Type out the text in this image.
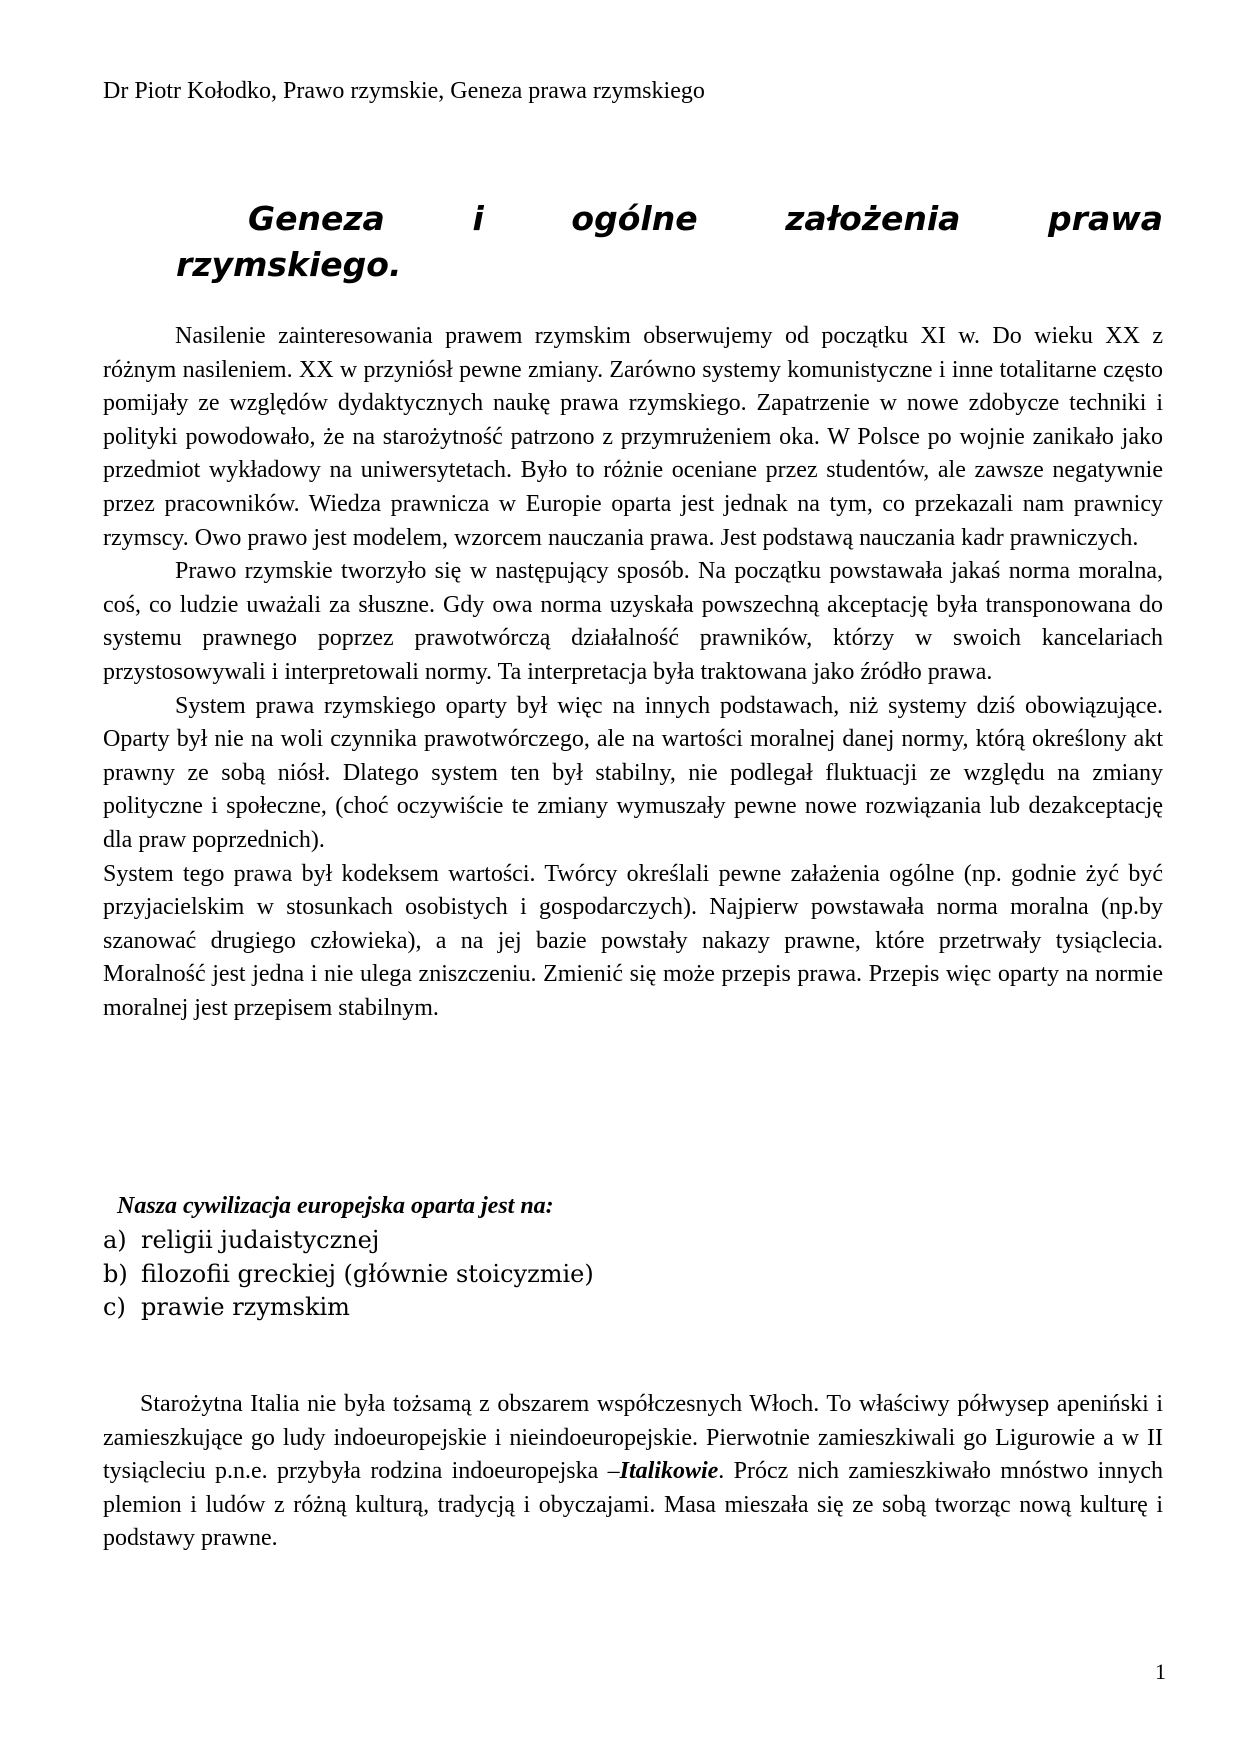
Dr Piotr Kołodko, Prawo rzymskie, Geneza prawa rzymskiego

Geneza	i	ogólne	założenia	prawa
rzymskiego.

Nasilenie zainteresowania prawem rzymskim obserwujemy od początku XI w. Do wieku XX z różnym nasileniem. XX w przyniósł pewne zmiany. Zarówno systemy komunistyczne i inne totalitarne często pomijały ze względów dydaktycznych naukę prawa rzymskiego. Zapatrzenie w nowe zdobycze techniki i polityki powodowało, że na starożytność patrzono z przymrużeniem oka. W Polsce po wojnie zanikało jako przedmiot wykładowy na uniwersytetach. Było to różnie oceniane przez studentów, ale zawsze negatywnie przez pracowników. Wiedza prawnicza w Europie oparta jest jednak na tym, co przekazali nam prawnicy rzymscy. Owo prawo jest modelem, wzorcem nauczania prawa. Jest podstawą nauczania kadr prawniczych.

Prawo rzymskie tworzyło się w następujący sposób. Na początku powstawała jakaś norma moralna, coś, co ludzie uważali za słuszne. Gdy owa norma uzyskała powszechną akceptację była transponowana do systemu prawnego poprzez prawotwórczą działalność prawników, którzy w swoich kancelariach przystosowywali i interpretowali normy. Ta interpretacja była traktowana jako źródło prawa.

System prawa rzymskiego oparty był więc na innych podstawach, niż systemy dziś obowiązujące. Oparty był nie na woli czynnika prawotwórczego, ale na wartości moralnej danej normy, którą określony akt prawny ze sobą niósł. Dlatego system ten był stabilny, nie podlegał fluktuacji ze względu na zmiany polityczne i społeczne, (choć oczywiście te zmiany wymuszały pewne nowe rozwiązania lub dezakceptację dla praw poprzednich).

System tego prawa był kodeksem wartości. Twórcy określali pewne załażenia ogólne (np. godnie żyć być przyjacielskim w stosunkach osobistych i gospodarczych). Najpierw powstawała norma moralna (np.by szanować drugiego człowieka), a na jej bazie powstały nakazy prawne, które przetrwały tysiąclecia. Moralność jest jedna i nie ulega zniszczeniu. Zmienić się może przepis prawa. Przepis więc oparty na normie moralnej jest przepisem stabilnym.

Nasza cywilizacja europejska oparta jest na:

a) religii judaistycznej
b) filozofii greckiej (głównie stoicyzmie)
c) prawie rzymskim

Starożytna Italia nie była tożsamą z obszarem współczesnych Włoch. To właściwy półwysep apeniński i zamieszkujące go ludy indoeuropejskie i nieindoeuropejskie. Pierwotnie zamieszkiwali go Ligurowie a w II tysiącleciu p.n.e. przybyła rodzina indoeuropejska –Italikowie. Prócz nich zamieszkiwało mnóstwo innych plemion i ludów z różną kulturą, tradycją i obyczajami. Masa mieszała się ze sobą tworząc nową kulturę i podstawy prawne.

1
